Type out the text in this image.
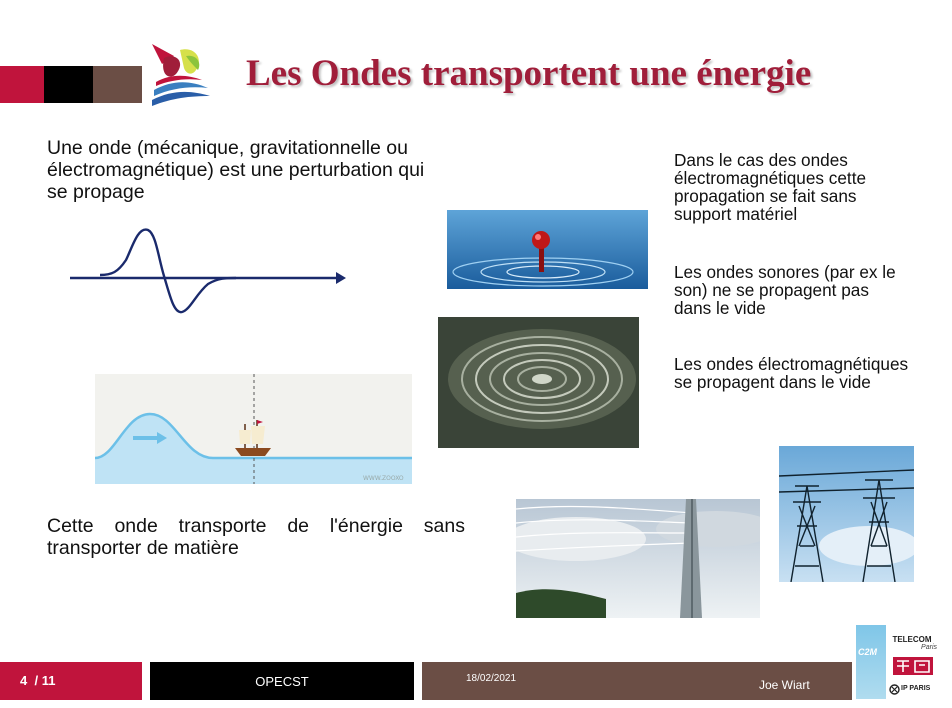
Les Ondes transportent une énergie
Une onde (mécanique, gravitationnelle ou électromagnétique) est une perturbation qui se propage
WWW.ZOOXO
Cette onde transporte de l'énergie sans transporter de matière
Dans le cas des ondes électromagnétiques cette propagation se fait sans support matériel
Les ondes sonores (par ex le son) ne se propagent pas dans le vide
Les ondes électromagnétiques se propagent dans le vide
4 / 11	OPECST	18/02/2021	Joe Wiart
C2M
TELECOM
Paris
IP PARIS
